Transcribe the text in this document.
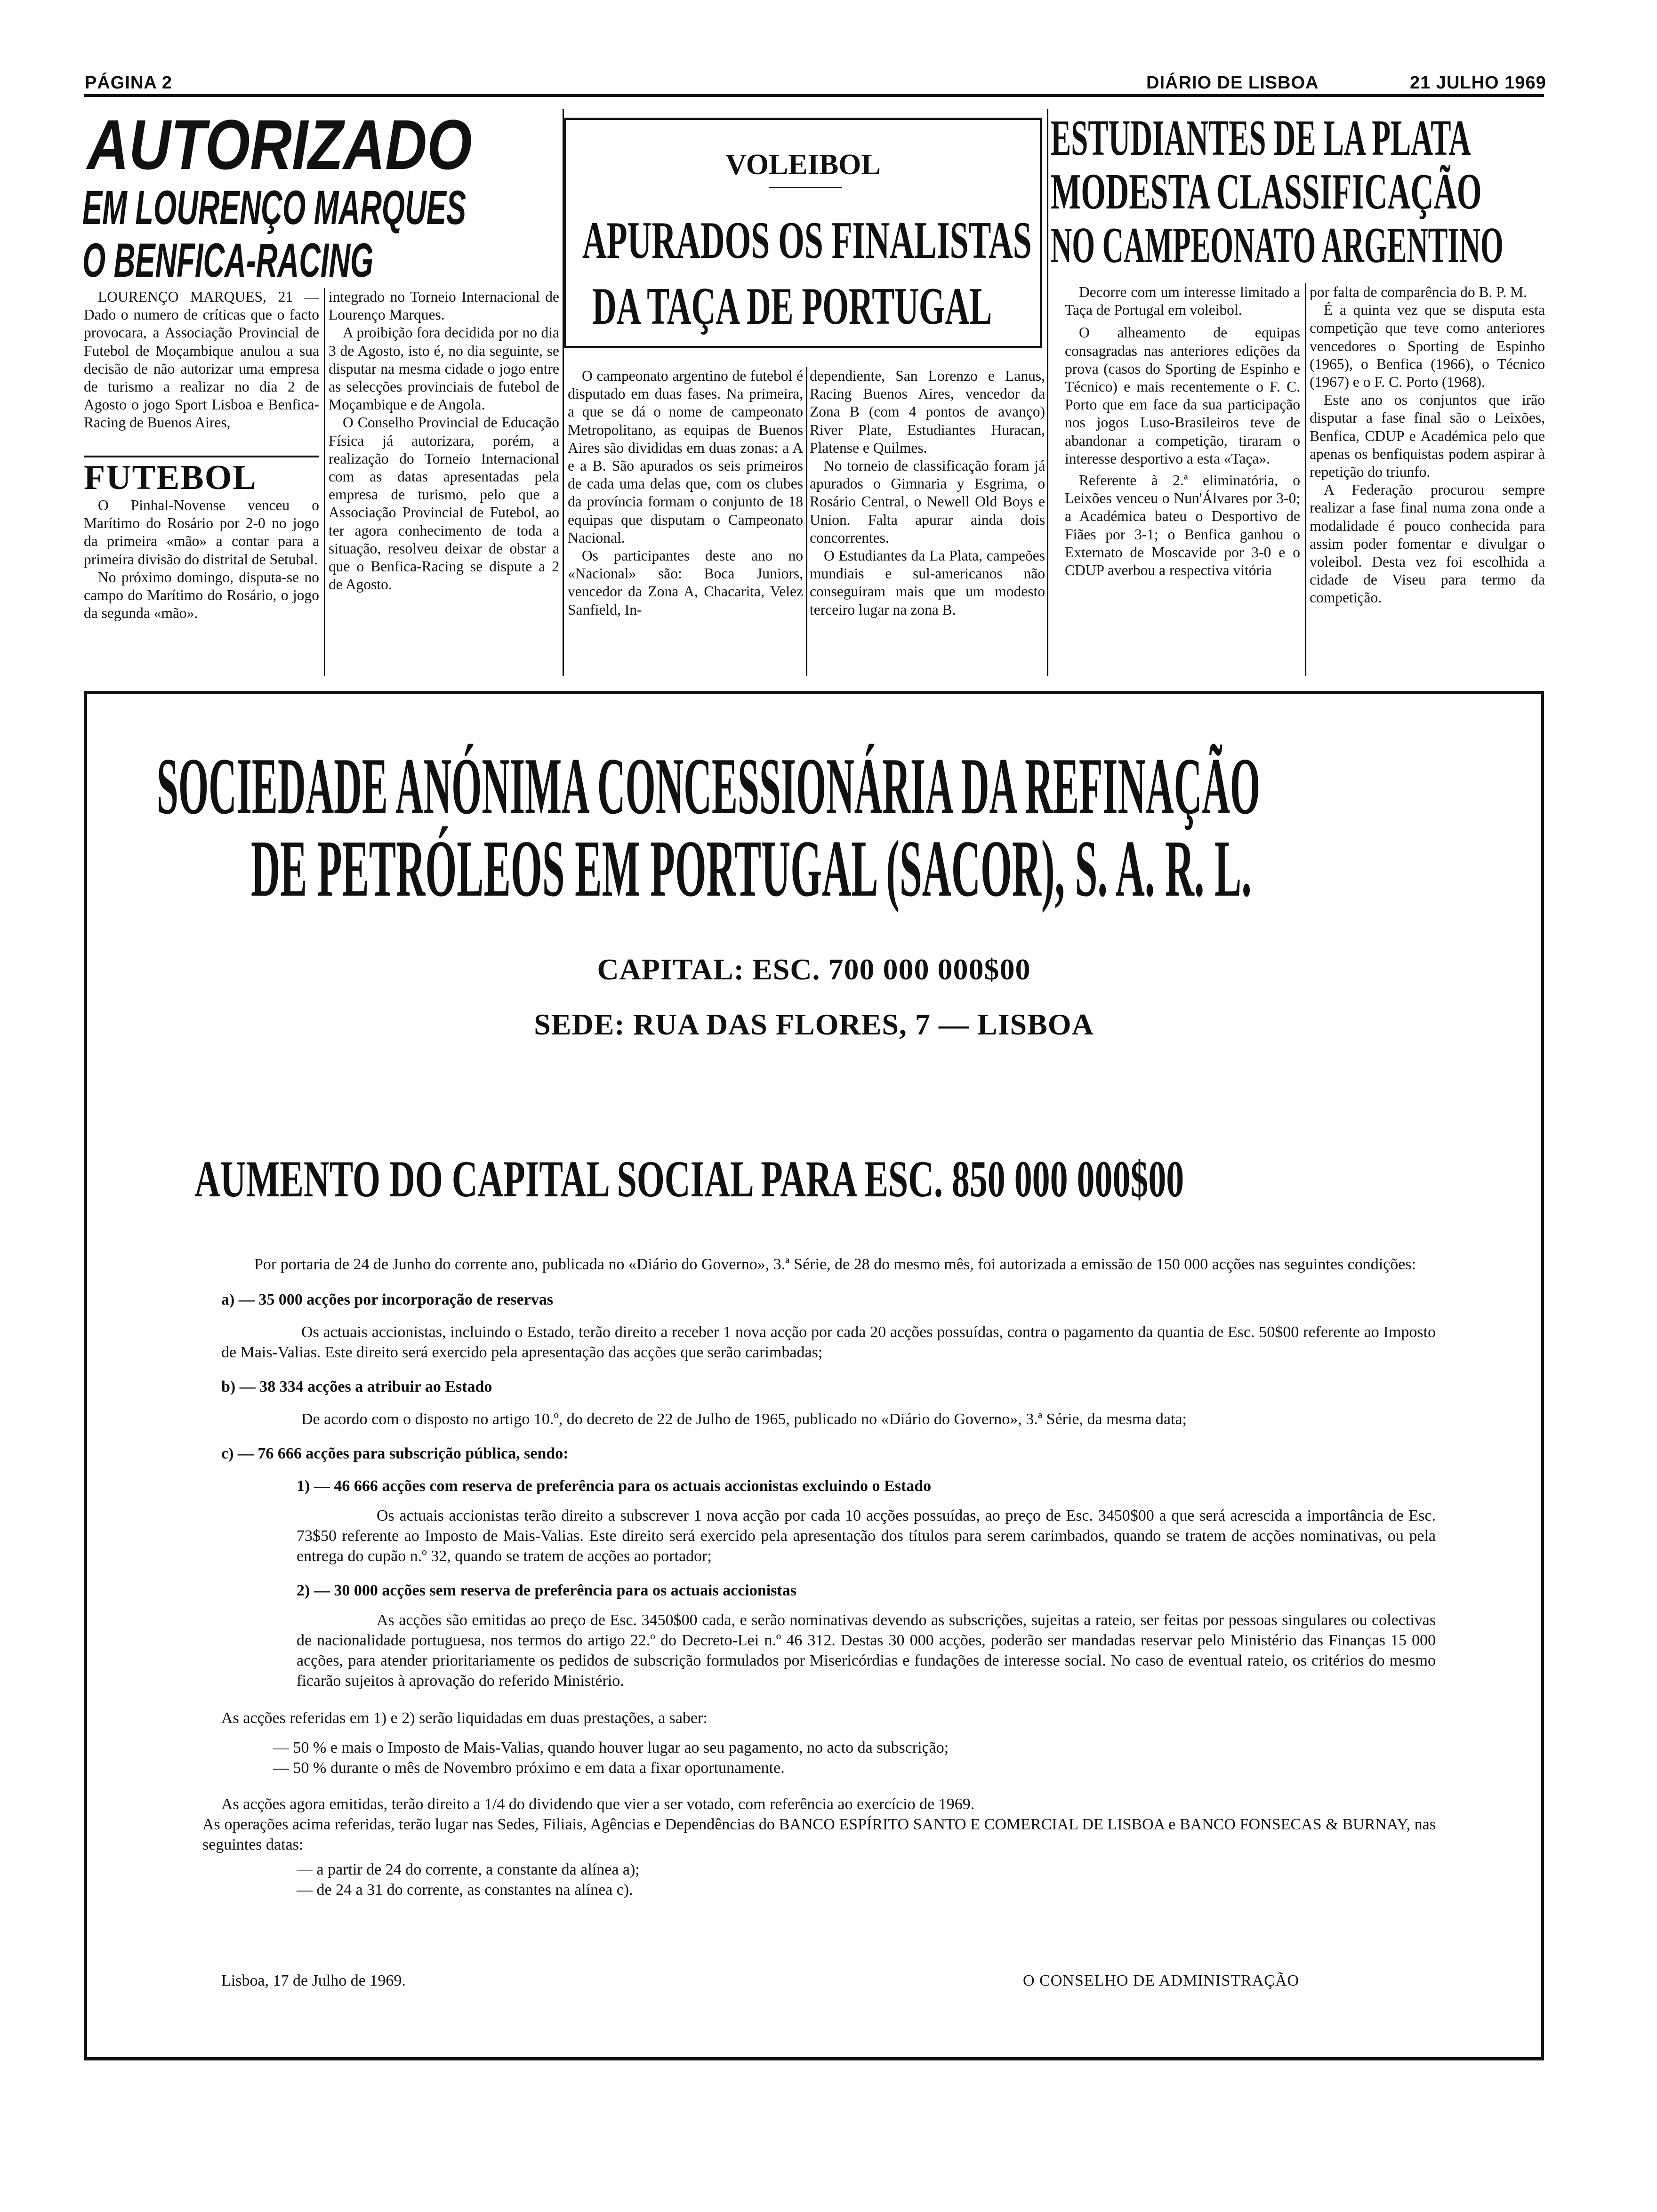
PÁGINA 2	DIÁRIO DE LISBOA	21 JULHO 1969
AUTORIZADO
EM LOURENÇO MARQUES
O BENFICA-RACING

LOURENÇO MARQUES, 21 —Dado o numero de críticas que o facto provocara, a Associação Provincial de Futebol de Moçambique anulou a sua decisão de não autorizar uma empresa de turismo a realizar no dia 2 de Agosto o jogo Sport Lisboa e Benfica-Racing de Buenos Aires,

FUTEBOL

O Pinhal-Novense venceu o Marítimo do Rosário por 2-0 no jogo da primeira «mão» a contar para a primeira divisão do distrital de Setubal.

No próximo domingo, disputa-se no campo do Marítimo do Rosário, o jogo da segunda «mão».

integrado no Torneio Internacional de Lourenço Marques.

A proibição fora decidida por no dia 3 de Agosto, isto é, no dia seguinte, se disputar na mesma cidade o jogo entre as selecções provinciais de futebol de Moçambique e de Angola.

O Conselho Provincial de Educação Física já autorizara, porém, a realização do Torneio Internacional com as datas apresentadas pela empresa de turismo, pelo que a Associação Provincial de Futebol, ao ter agora conhecimento de toda a situação, resolveu deixar de obstar a que o Benfica-Racing se dispute a 2 de Agosto.

VOLEIBOL
APURADOS OS FINALISTAS
DA TAÇA DE PORTUGAL

O campeonato argentino de futebol é disputado em duas fases. Na primeira, a que se dá o nome de campeonato Metropolitano, as equipas de Buenos Aires são divididas em duas zonas: a A e a B. São apurados os seis primeiros de cada uma delas que, com os clubes da província formam o conjunto de 18 equipas que disputam o Campeonato Nacional.

Os participantes deste ano no «Nacional» são: Boca Juniors, vencedor da Zona A, Chacarita, Velez Sanfield, In-

dependiente, San Lorenzo e Lanus, Racing Buenos Aires, vencedor da Zona B (com 4 pontos de avanço) River Plate, Estudiantes Huracan, Platense e Quilmes.

No torneio de classificação foram já apurados o Gimnaria y Esgrima, o Rosário Central, o Newell Old Boys e Union. Falta apurar ainda dois concorrentes.

O Estudiantes da La Plata, campeões mundiais e sul-americanos não conseguiram mais que um modesto terceiro lugar na zona B.

ESTUDIANTES DE LA PLATA
MODESTA CLASSIFICAÇÃO
NO CAMPEONATO ARGENTINO

Decorre com um interesse limitado a Taça de Portugal em voleibol.

O alheamento de equipas consagradas nas anteriores edições da prova (casos do Sporting de Espinho e Técnico) e mais recentemente o F. C. Porto que em face da sua participação nos jogos Luso-Brasileiros teve de abandonar a competição, tiraram o interesse desportivo a esta «Taça».

Referente à 2.ª eliminatória, o Leixões venceu o Nun'Álvares por 3-0; a Académica bateu o Desportivo de Fiães por 3-1; o Benfica ganhou o Externato de Moscavide por 3-0 e o CDUP averbou a respectiva vitória

por falta de comparência do B. P. M.

É a quinta vez que se disputa esta competição que teve como anteriores vencedores o Sporting de Espinho (1965), o Benfica (1966), o Técnico (1967) e o F. C. Porto (1968).

Este ano os conjuntos que irão disputar a fase final são o Leixões, Benfica, CDUP e Académica pelo que apenas os benfiquistas podem aspirar à repetição do triunfo.

A Federação procurou sempre realizar a fase final numa zona onde a modalidade é pouco conhecida para assim poder fomentar e divulgar o voleibol. Desta vez foi escolhida a cidade de Viseu para termo da competição.

SOCIEDADE ANÓNIMA CONCESSIONÁRIA DA REFINAÇÃO
DE PETRÓLEOS EM PORTUGAL (SACOR), S. A. R. L.
CAPITAL: ESC. 700 000 000$00
SEDE: RUA DAS FLORES, 7 — LISBOA
AUMENTO DO CAPITAL SOCIAL PARA ESC. 850 000 000$00

Por portaria de 24 de Junho do corrente ano, publicada no «Diário do Governo», 3.ª Série, de 28 do mesmo mês, foi autorizada a emissão de 150 000 acções nas seguintes condições:

a) — 35 000 acções por incorporação de reservas

Os actuais accionistas, incluindo o Estado, terão direito a receber 1 nova acção por cada 20 acções possuídas, contra o pagamento da quantia de Esc. 50$00 referente ao Imposto de Mais-Valias. Este direito será exercido pela apresentação das acções que serão carimbadas;

b) — 38 334 acções a atribuir ao Estado

De acordo com o disposto no artigo 10.º, do decreto de 22 de Julho de 1965, publicado no «Diário do Governo», 3.ª Série, da mesma data;

c) — 76 666 acções para subscrição pública, sendo:

1) — 46 666 acções com reserva de preferência para os actuais accionistas excluindo o Estado

Os actuais accionistas terão direito a subscrever 1 nova acção por cada 10 acções possuídas, ao preço de Esc. 3450$00 a que será acrescida a importância de Esc. 73$50 referente ao Imposto de Mais-Valias. Este direito será exercido pela apresentação dos títulos para serem carimbados, quando se tratem de acções nominativas, ou pela entrega do cupão n.º 32, quando se tratem de acções ao portador;

2) — 30 000 acções sem reserva de preferência para os actuais accionistas

As acções são emitidas ao preço de Esc. 3450$00 cada, e serão nominativas devendo as subscrições, sujeitas a rateio, ser feitas por pessoas singulares ou colectivas de nacionalidade portuguesa, nos termos do artigo 22.º do Decreto-Lei n.º 46 312. Destas 30 000 acções, poderão ser mandadas reservar pelo Ministério das Finanças 15 000 acções, para atender prioritariamente os pedidos de subscrição formulados por Misericórdias e fundações de interesse social. No caso de eventual rateio, os critérios do mesmo ficarão sujeitos à aprovação do referido Ministério.

As acções referidas em 1) e 2) serão liquidadas em duas prestações, a saber:

— 50 % e mais o Imposto de Mais-Valias, quando houver lugar ao seu pagamento, no acto da subscrição;

— 50 % durante o mês de Novembro próximo e em data a fixar oportunamente.

As acções agora emitidas, terão direito a 1/4 do dividendo que vier a ser votado, com referência ao exercício de 1969.

As operações acima referidas, terão lugar nas Sedes, Filiais, Agências e Dependências do BANCO ESPÍRITO SANTO E COMERCIAL DE LISBOA e BANCO FONSECAS & BURNAY, nas seguintes datas:

— a partir de 24 do corrente, a constante da alínea a);

— de 24 a 31 do corrente, as constantes na alínea c).

Lisboa, 17 de Julho de 1969.	O CONSELHO DE ADMINISTRAÇÃO
